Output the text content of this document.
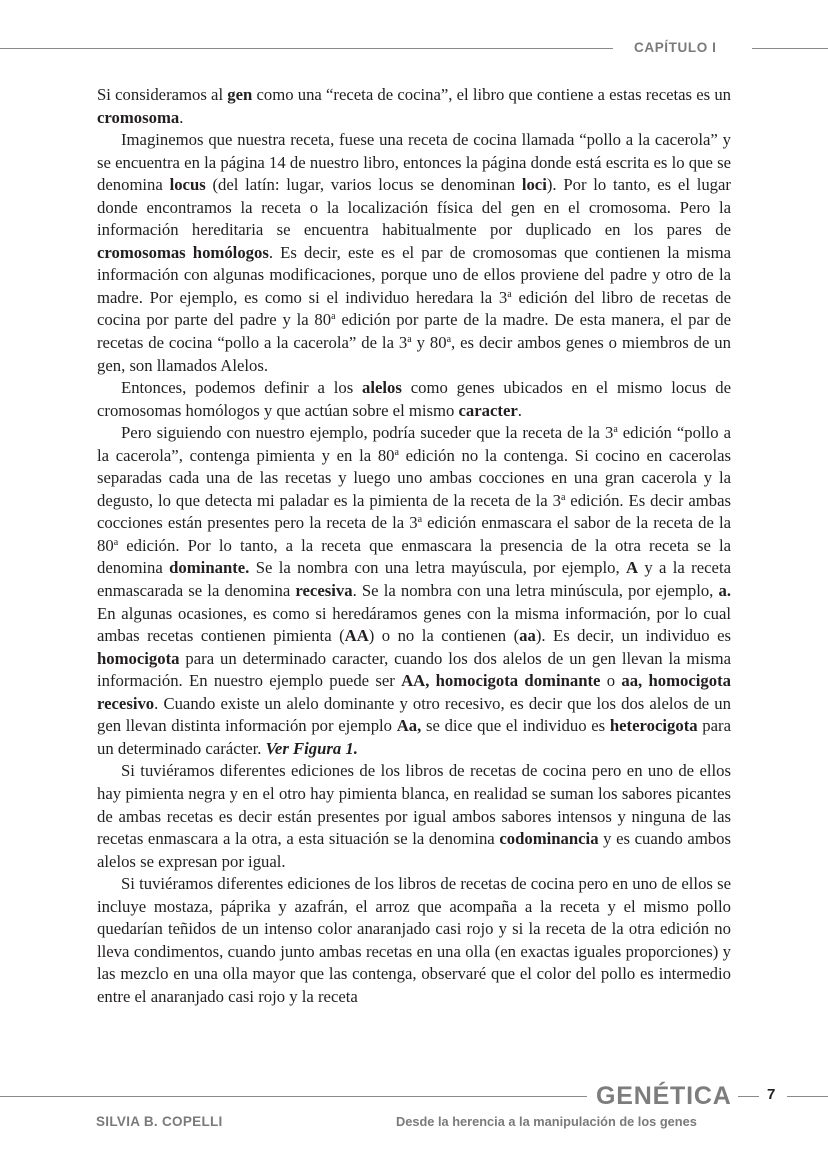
CAPÍTULO I

Si consideramos al gen como una “receta de cocina”, el libro que contiene a estas recetas es un cromosoma.

Imaginemos que nuestra receta, fuese una receta de cocina llamada “pollo a la cacerola” y se encuentra en la página 14 de nuestro libro, entonces la página donde está escrita es lo que se denomina locus (del latín: lugar, varios locus se denominan loci). Por lo tanto, es el lugar donde encontramos la receta o la localización física del gen en el cromosoma. Pero la información hereditaria se encuentra habitualmente por duplicado en los pares de cromosomas homólogos. Es decir, este es el par de cromosomas que contienen la misma información con algunas modificaciones, porque uno de ellos proviene del padre y otro de la madre. Por ejemplo, es como si el individuo heredara la 3$^a$ edición del libro de recetas de cocina por parte del padre y la 80$^a$ edición por parte de la madre. De esta manera, el par de recetas de cocina “pollo a la cacerola” de la 3$^a$ y 80$^a$, es decir ambos genes o miembros de un gen, son llamados Alelos.

Entonces, podemos definir a los alelos como genes ubicados en el mismo locus de cromosomas homólogos y que actúan sobre el mismo caracter.

Pero siguiendo con nuestro ejemplo, podría suceder que la receta de la 3$^a$ edición “pollo a la cacerola”, contenga pimienta y en la 80$^a$ edición no la contenga. Si cocino en cacerolas separadas cada una de las recetas y luego uno ambas cocciones en una gran cacerola y la degusto, lo que detecta mi paladar es la pimienta de la receta de la 3$^a$ edición. Es decir ambas cocciones están presentes pero la receta de la 3$^a$ edición enmascara el sabor de la receta de la 80$^a$ edición. Por lo tanto, a la receta que enmascara la presencia de la otra receta se la denomina dominante. Se la nombra con una letra mayúscula, por ejemplo, A y a la receta enmascarada se la denomina recesiva. Se la nombra con una letra minúscula, por ejemplo, a. En algunas ocasiones, es como si heredáramos genes con la misma información, por lo cual ambas recetas contienen pimienta (AA) o no la contienen (aa). Es decir, un individuo es homocigota para un determinado caracter, cuando los dos alelos de un gen llevan la misma información. En nuestro ejemplo puede ser AA, homocigota dominante o aa, homocigota recesivo. Cuando existe un alelo dominante y otro recesivo, es decir que los dos alelos de un gen llevan distinta información por ejemplo Aa, se dice que el individuo es heterocigota para un determinado carácter. Ver Figura 1.

Si tuviéramos diferentes ediciones de los libros de recetas de cocina pero en uno de ellos hay pimienta negra y en el otro hay pimienta blanca, en realidad se suman los sabores picantes de ambas recetas es decir están presentes por igual ambos sabores intensos y ninguna de las recetas enmascara a la otra, a esta situación se la denomina codominancia y es cuando ambos alelos se expresan por igual.

Si tuviéramos diferentes ediciones de los libros de recetas de cocina pero en uno de ellos se incluye mostaza, páprika y azafrán, el arroz que acompaña a la receta y el mismo pollo quedarían teñidos de un intenso color anaranjado casi rojo y si la receta de la otra edición no lleva condimentos, cuando junto ambas recetas en una olla (en exactas iguales proporciones) y las mezclo en una olla mayor que las contenga, observaré que el color del pollo es intermedio entre el anaranjado casi rojo y la receta

GENÉTICA 7
SILVIA B. COPELLI	Desde la herencia a la manipulación de los genes
